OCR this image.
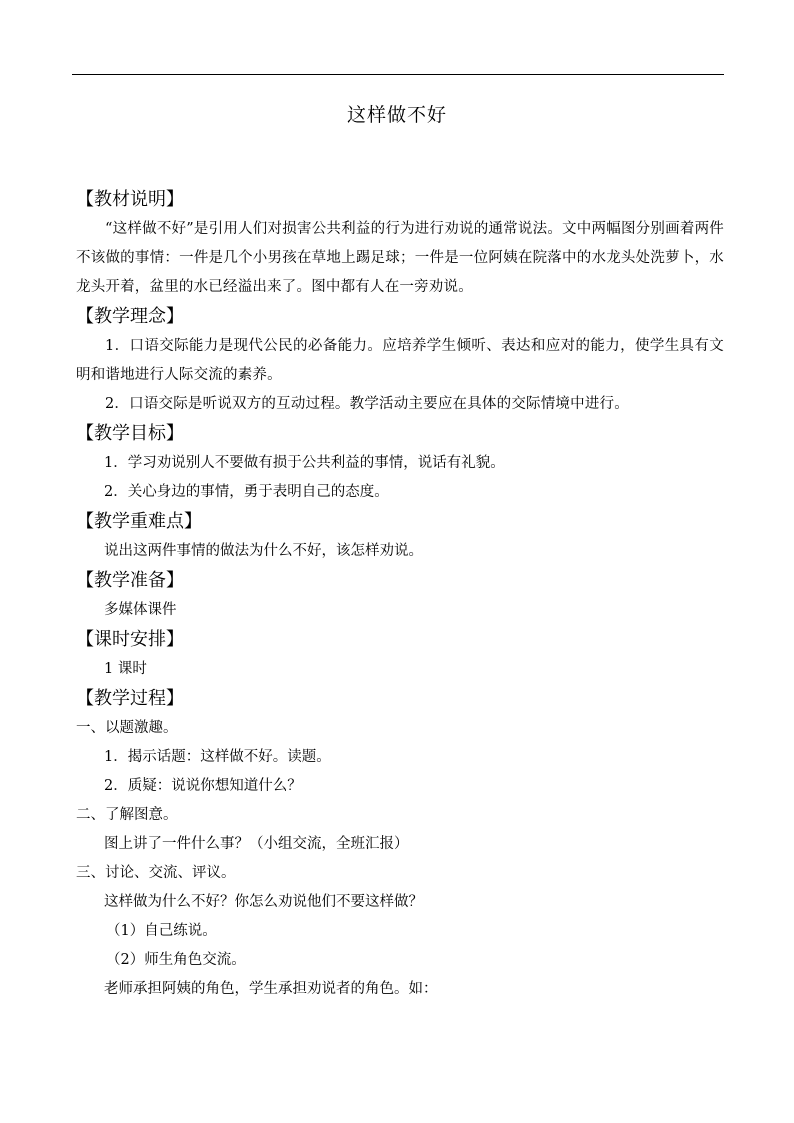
这样做不好

【教材说明】

“这样做不好”是引用人们对损害公共利益的行为进行劝说的通常说法。文中两幅图分别画着两件不该做的事情：一件是几个小男孩在草地上踢足球；一件是一位阿姨在院落中的水龙头处洗萝卜，水龙头开着，盆里的水已经溢出来了。图中都有人在一旁劝说。

【教学理念】

1．口语交际能力是现代公民的必备能力。应培养学生倾听、表达和应对的能力，使学生具有文明和谐地进行人际交流的素养。

2．口语交际是听说双方的互动过程。教学活动主要应在具体的交际情境中进行。

【教学目标】

1．学习劝说别人不要做有损于公共利益的事情，说话有礼貌。

2．关心身边的事情，勇于表明自己的态度。

【教学重难点】

说出这两件事情的做法为什么不好，该怎样劝说。

【教学准备】

多媒体课件

【课时安排】

1 课时

【教学过程】

一、以题激趣。

1．揭示话题：这样做不好。读题。

2．质疑：说说你想知道什么？

二、了解图意。

图上讲了一件什么事？（小组交流，全班汇报）

三、讨论、交流、评议。

这样做为什么不好？你怎么劝说他们不要这样做？

（1）自己练说。

（2）师生角色交流。

老师承担阿姨的角色，学生承担劝说者的角色。如：
